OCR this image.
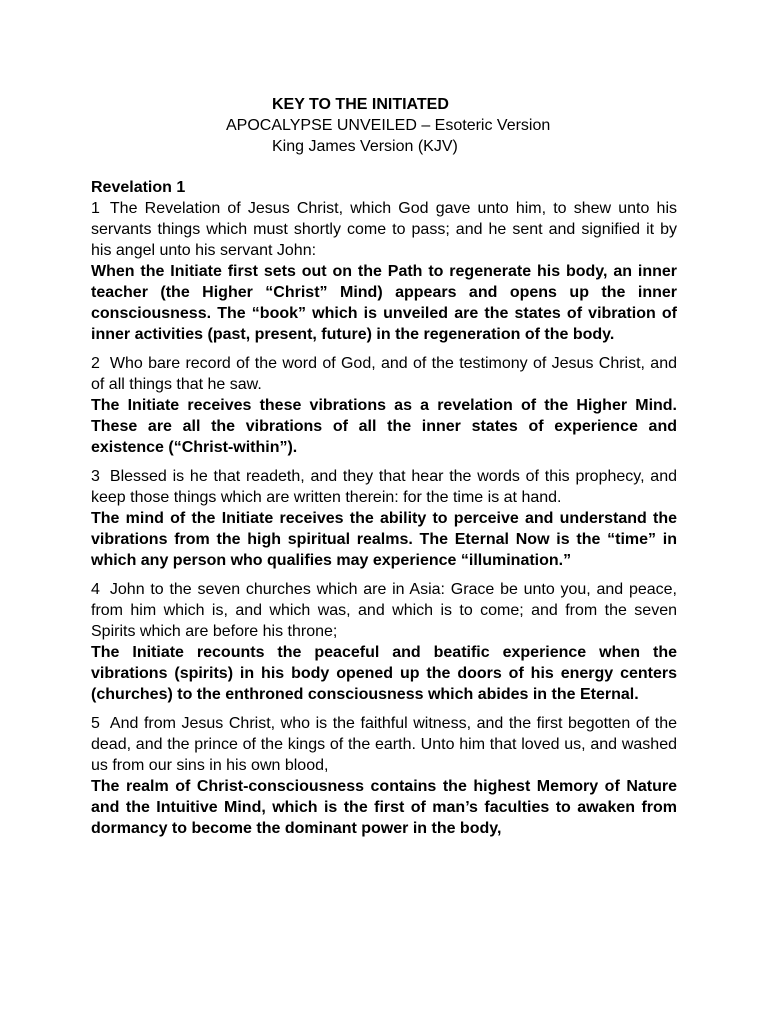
KEY TO THE INITIATED
APOCALYPSE UNVEILED – Esoteric Version
King James Version (KJV)
Revelation 1

1 The Revelation of Jesus Christ, which God gave unto him, to shew unto his servants things which must shortly come to pass; and he sent and signified it by his angel unto his servant John:

When the Initiate first sets out on the Path to regenerate his body, an inner teacher (the Higher “Christ” Mind) appears and opens up the inner consciousness. The “book” which is unveiled are the states of vibration of inner activities (past, present, future) in the regeneration of the body.

2 Who bare record of the word of God, and of the testimony of Jesus Christ, and of all things that he saw.

The Initiate receives these vibrations as a revelation of the Higher Mind. These are all the vibrations of all the inner states of experience and existence (“Christ-within”).

3 Blessed is he that readeth, and they that hear the words of this prophecy, and keep those things which are written therein: for the time is at hand.

The mind of the Initiate receives the ability to perceive and understand the vibrations from the high spiritual realms. The Eternal Now is the “time” in which any person who qualifies may experience “illumination.”

4 John to the seven churches which are in Asia: Grace be unto you, and peace, from him which is, and which was, and which is to come; and from the seven Spirits which are before his throne;

The Initiate recounts the peaceful and beatific experience when the vibrations (spirits) in his body opened up the doors of his energy centers (churches) to the enthroned consciousness which abides in the Eternal.

5 And from Jesus Christ, who is the faithful witness, and the first begotten of the dead, and the prince of the kings of the earth. Unto him that loved us, and washed us from our sins in his own blood,

The realm of Christ-consciousness contains the highest Memory of Nature and the Intuitive Mind, which is the first of man’s faculties to awaken from dormancy to become the dominant power in the body,
